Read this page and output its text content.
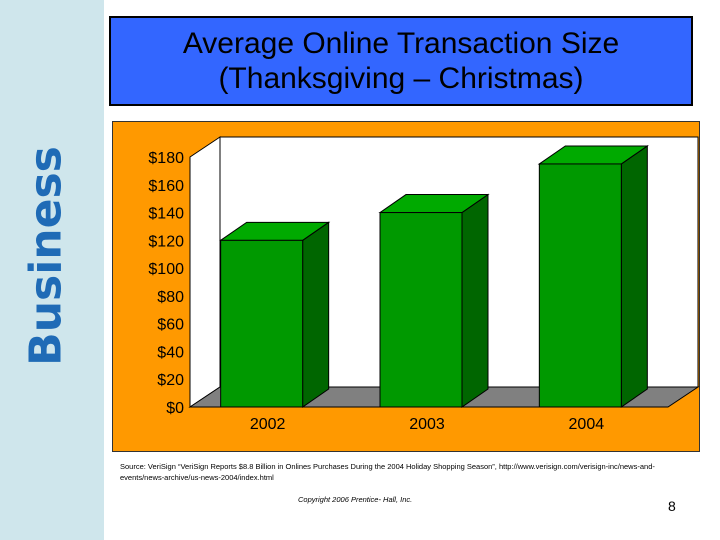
Business
Average Online Transaction Size
(Thanksgiving – Christmas)
$0
$20
$40
$60
$80
$100
$120
$140
$160
$180
2002	2003	2004
Source: VeriSign “VeriSign Reports $8.8 Billion in Onlines Purchases During the 2004 Holiday Shopping Season”, http://www.verisign.com/verisign-inc/news-and-events/news-archive/us-news-2004/index.html
Copyright 2006 Prentice- Hall, Inc.	8
